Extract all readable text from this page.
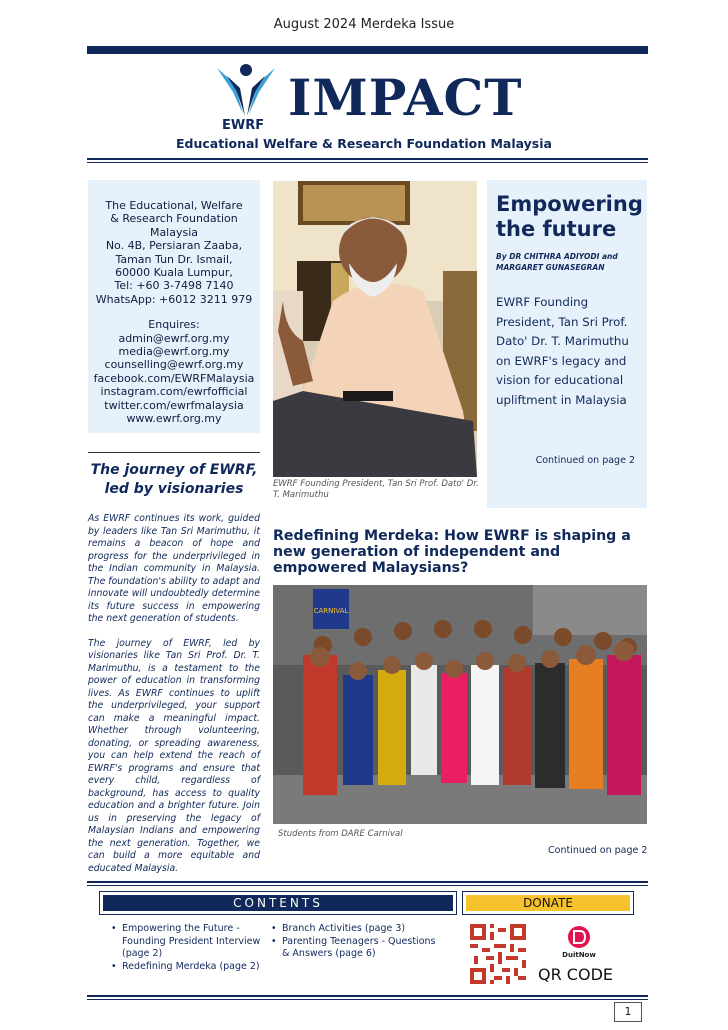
August 2024 Merdeka Issue
EWRF IMPACT
Educational Welfare & Research Foundation Malaysia
The Educational, Welfare
& Research Foundation
Malaysia
No. 4B, Persiaran Zaaba,
Taman Tun Dr. Ismail,
60000 Kuala Lumpur,
Tel: +60 3-7498 7140
WhatsApp: +6012 3211 979
Enquires:
admin@ewrf.org.my
media@ewrf.org.my
counselling@ewrf.org.my
facebook.com/EWRFMalaysia
instagram.com/ewrfofficial
twitter.com/ewrfmalaysia
www.ewrf.org.my
The journey of EWRF,
led by visionaries

As EWRF continues its work, guided by leaders like Tan Sri Marimuthu, it remains a beacon of hope and progress for the underprivileged in the Indian community in Malaysia. The foundation's ability to adapt and innovate will undoubtedly determine its future success in empowering the next generation of students.

The journey of EWRF, led by visionaries like Tan Sri Prof. Dr. T. Marimuthu, is a testament to the power of education in transforming lives. As EWRF continues to uplift the underprivileged, your support can make a meaningful impact. Whether through volunteering, donating, or spreading awareness, you can help extend the reach of EWRF's programs and ensure that every child, regardless of background, has access to quality education and a brighter future. Join us in preserving the legacy of Malaysian Indians and empowering the next generation. Together, we can build a more equitable and educated Malaysia.

EWRF Founding President, Tan Sri Prof. Dato' Dr. T. Marimuthu
Empowering
the future
By DR CHITHRA ADIYODI and
MARGARET GUNASEGRAN
EWRF Founding President, Tan Sri Prof. Dato' Dr. T. Marimuthu on EWRF's legacy and vision for educational upliftment in Malaysia
Continued on page 2
Redefining Merdeka: How EWRF is shaping a new generation of independent and empowered Malaysians?
CARNIVAL
Students from DARE Carnival
Continued on page 2
CONTENTS
• Empowering the Future - Founding President Interview (page 2)
• Redefining Merdeka (page 2)
• Branch Activities (page 3)
• Parenting Teenagers - Questions & Answers (page 6)
DONATE
DuitNow
QR CODE
1
